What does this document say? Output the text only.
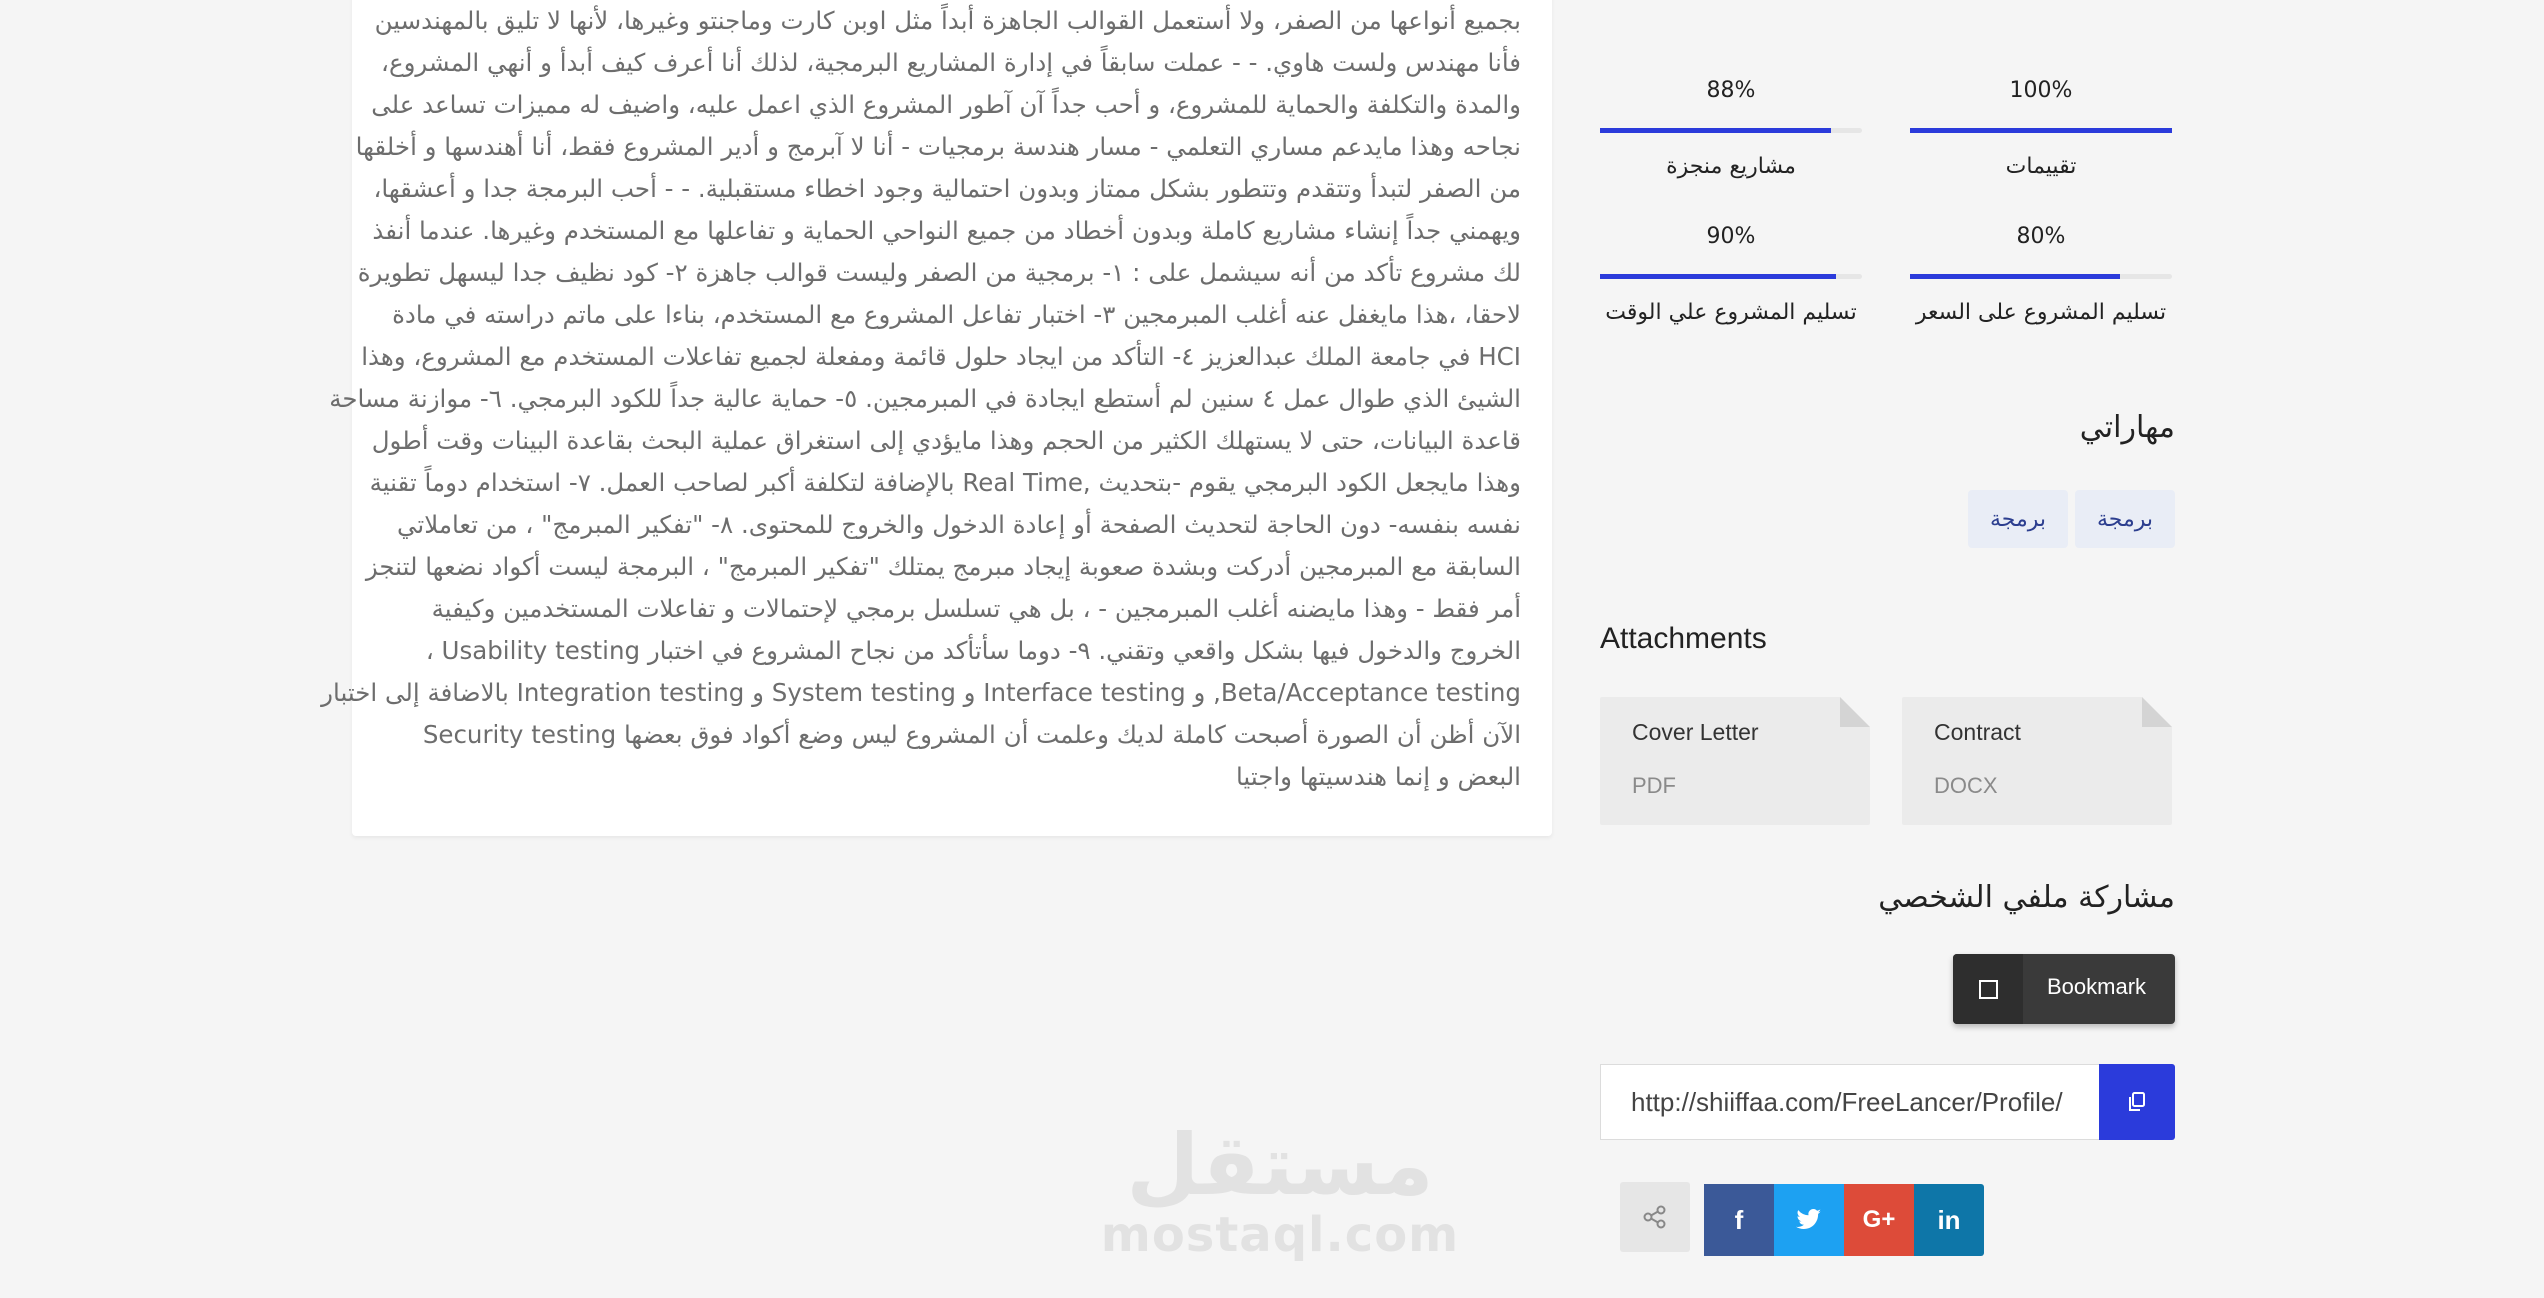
بجميع أنواعها من الصفر، ولا أستعمل القوالب الجاهزة أبداً مثل اوبن كارت وماجنتو وغيرها، لأنها لا تليق بالمهندسين
فأنا مهندس ولست هاوي. - - عملت سابقاً في إدارة المشاريع البرمجية، لذلك أنا أعرف كيف أبدأ و أنهي المشروع،
والمدة والتكلفة والحماية للمشروع، و أحب جداً آن آطور المشروع الذي اعمل عليه، واضيف له مميزات تساعد على
نجاحه وهذا مايدعم مساري التعلمي - مسار هندسة برمجيات - أنا لا آبرمج و أدير المشروع فقط، أنا أهندسها و أخلقها
من الصفر لتبدأ وتتقدم وتتطور بشكل ممتاز وبدون احتمالية وجود اخطاء مستقبلية. - - أحب البرمجة جدا و أعشقها،
ويهمني جداً إنشاء مشاريع كاملة وبدون أخطاد من جميع النواحي الحماية و تفاعلها مع المستخدم وغيرها. عندما أنفذ
لك مشروع تأكد من أنه سيشمل على : ١- برمجية من الصفر وليست قوالب جاهزة ٢- كود نظيف جدا ليسهل تطويرة
لاحقا، ،هذا مايغفل عنه أغلب المبرمجين ٣- اختبار تفاعل المشروع مع المستخدم، بناءا على ماتم دراسته في مادة
HCI في جامعة الملك عبدالعزيز ٤- التأكد من ايجاد حلول قائمة ومفعلة لجميع تفاعلات المستخدم مع المشروع، وهذا
الشيئ الذي طوال عمل ٤ سنين لم أستطع ايجادة في المبرمجين. ٥- حماية عالية جداً للكود البرمجي. ٦- موازنة مساحة
قاعدة البيانات، حتى لا يستهلك الكثير من الحجم وهذا مايؤدي إلى استغراق عملية البحث بقاعدة البينات وقت أطول
وهذا مايجعل الكود البرمجي يقوم -بتحديث ,Real Time بالإضافة لتكلفة أكبر لصاحب العمل. ٧- استخدام دوماً تقنية
نفسه بنفسه- دون الحاجة لتحديث الصفحة أو إعادة الدخول والخروج للمحتوى. ٨- "تفكير المبرمج" ، من تعاملاتي
السابقة مع المبرمجين أدركت وبشدة صعوبة إيجاد مبرمج يمتلك "تفكير المبرمج" ، البرمجة ليست أكواد نضعها لتنجز
أمر فقط - وهذا مايضنه أغلب المبرمجين - ، بل هي تسلسل برمجي لإحتمالات و تفاعلات المستخدمين وكيفية
الخروج والدخول فيها بشكل واقعي وتقني. ٩- دوما سأتأكد من نجاح المشروع في اختبار Usability testing ،
Beta/Acceptance testing, و Interface testing و System testing و Integration testing بالاضافة إلى اختبار
الآن أظن أن الصورة أصبحت كاملة لديك وعلمت أن المشروع ليس وضع أكواد فوق بعضها Security testing
البعض و إنما هندسيتها واجتيا
100%
تقييمات
88%
مشاريع منجزة
80%
تسليم المشروع على السعر
90%
تسليم المشروع علي الوقت
مهاراتي
برمجة
برمجة
Attachments
Contract
DOCX
Cover Letter
PDF
مشاركة ملفي الشخصي
Bookmark
http://shiiffaa.com/FreeLancer/Profile/
f	G+ in
مستقل
mostaql.com
